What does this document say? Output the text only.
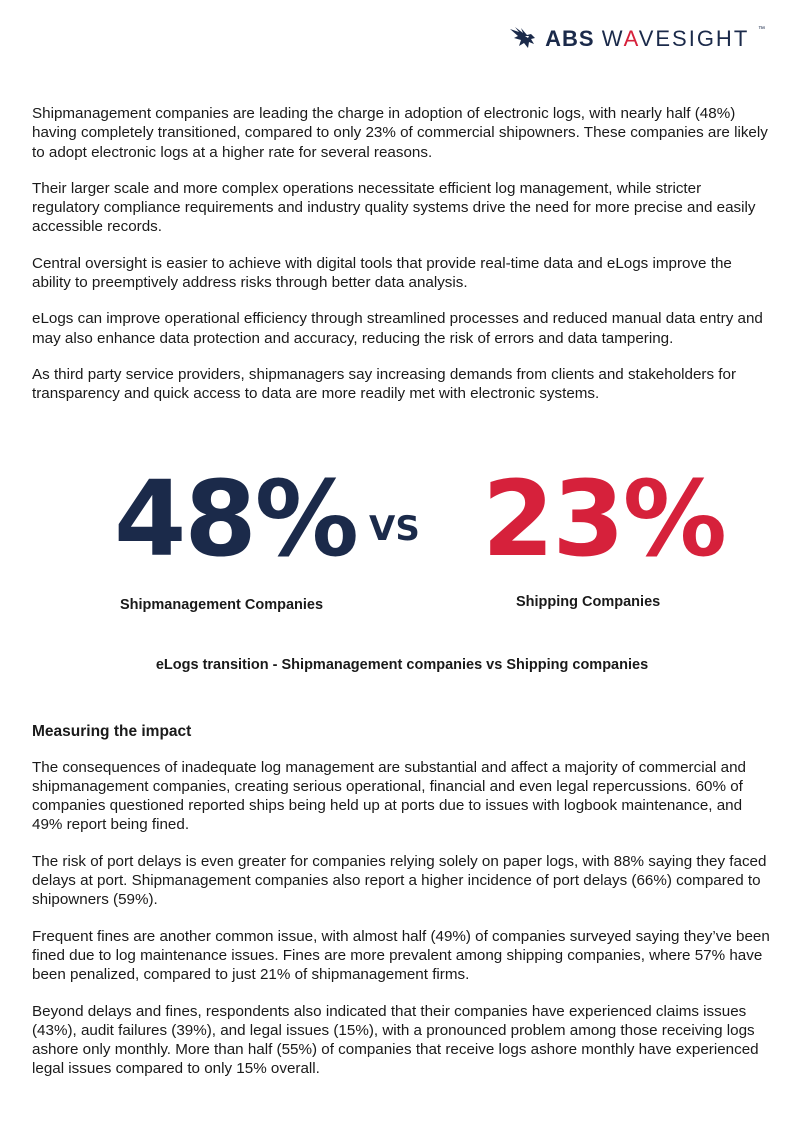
ABS WAVESIGHT ™

Shipmanagement companies are leading the charge in adoption of electronic logs, with nearly half (48%) having completely transitioned, compared to only 23% of commercial shipowners. These companies are likely to adopt electronic logs at a higher rate for several reasons.

Their larger scale and more complex operations necessitate efficient log management, while stricter regulatory compliance requirements and industry quality systems drive the need for more precise and easily accessible records.

Central oversight is easier to achieve with digital tools that provide real-time data and eLogs improve the ability to preemptively address risks through better data analysis.

eLogs can improve operational efficiency through streamlined processes and reduced manual data entry and may also enhance data protection and accuracy, reducing the risk of errors and data tampering.

As third party service providers, shipmanagers say increasing demands from clients and stakeholders for transparency and quick access to data are more readily met with electronic systems.

48% VS 23%
Shipmanagement Companies	Shipping Companies
eLogs transition - Shipmanagement companies vs Shipping companies
Measuring the impact

The consequences of inadequate log management are substantial and affect a majority of commercial and shipmanagement companies, creating serious operational, financial and even legal repercussions. 60% of companies questioned reported ships being held up at ports due to issues with logbook maintenance, and 49% report being fined.

The risk of port delays is even greater for companies relying solely on paper logs, with 88% saying they faced delays at port. Shipmanagement companies also report a higher incidence of port delays (66%) compared to shipowners (59%).

Frequent fines are another common issue, with almost half (49%) of companies surveyed saying they’ve been fined due to log maintenance issues. Fines are more prevalent among shipping companies, where 57% have been penalized, compared to just 21% of shipmanagement firms.

Beyond delays and fines, respondents also indicated that their companies have experienced claims issues (43%), audit failures (39%), and legal issues (15%), with a pronounced problem among those receiving logs ashore only monthly. More than half (55%) of companies that receive logs ashore monthly have experienced legal issues compared to only 15% overall.
